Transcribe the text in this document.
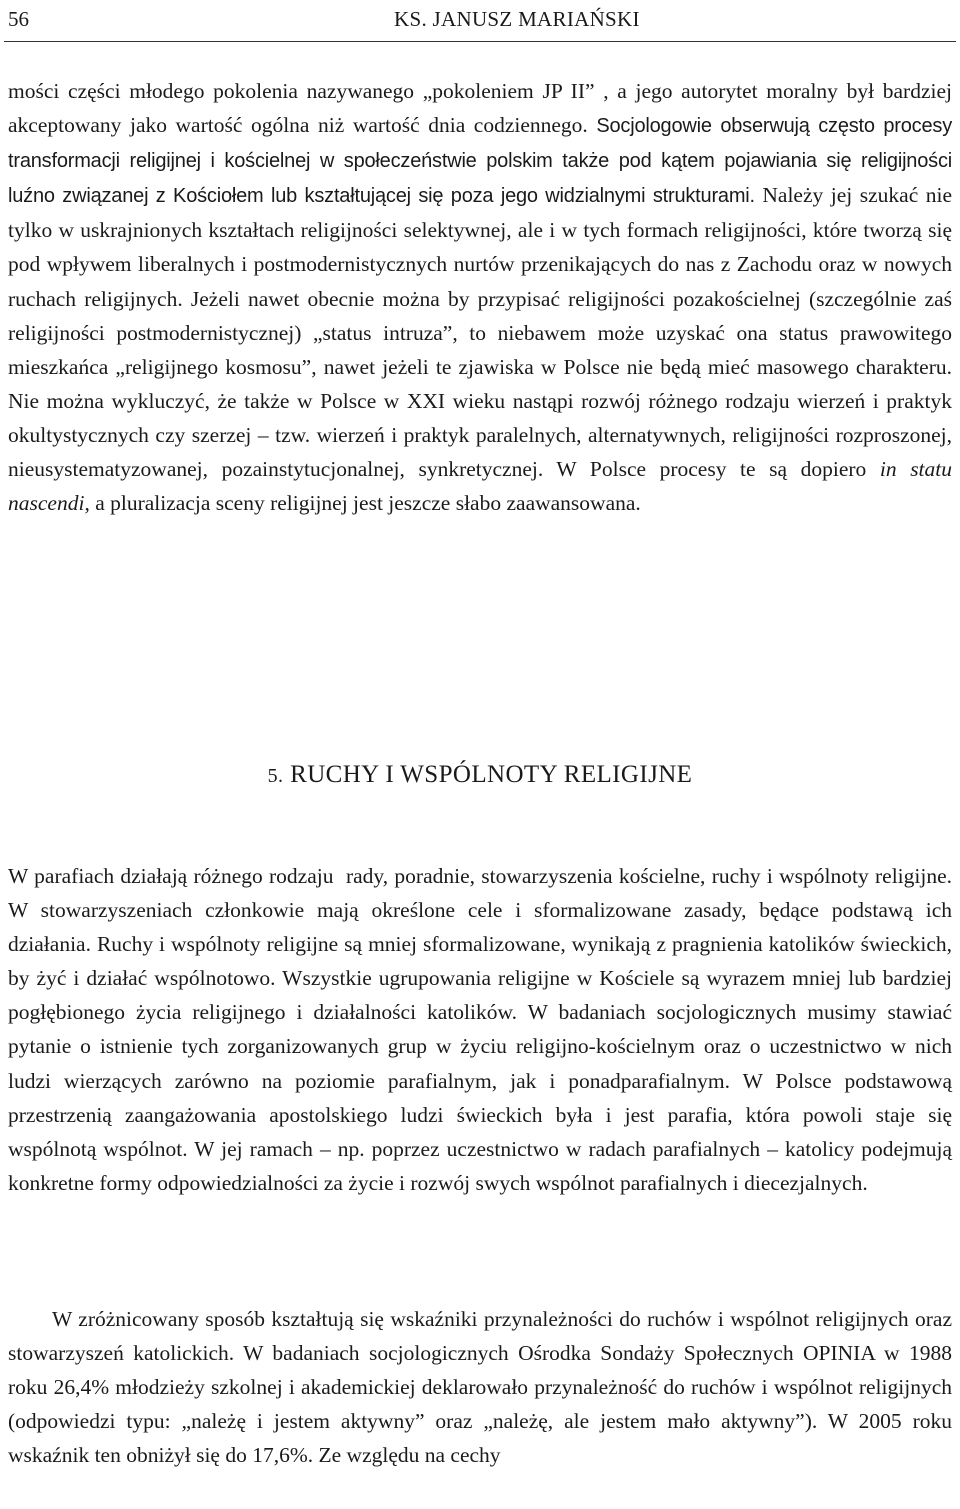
56	KS. JANUSZ MARIAŃSKI

mości części młodego pokolenia nazywanego „pokoleniem JP II” , a jego autorytet moralny był bardziej akceptowany jako wartość ogólna niż wartość dnia codziennego. Socjologowie obserwują często procesy transformacji religijnej i kościelnej w społeczeństwie polskim także pod kątem pojawiania się religijności luźno związanej z Kościołem lub kształtującej się poza jego widzialnymi strukturami. Należy jej szukać nie tylko w uskrajnionych kształtach religijności selektywnej, ale i w tych formach religijności, które tworzą się pod wpływem liberalnych i postmodernistycznych nurtów przenikających do nas z Zachodu oraz w nowych ruchach religijnych. Jeżeli nawet obecnie można by przypisać religijności pozakościelnej (szczególnie zaś religijności postmodernistycznej) „status intruza”, to niebawem może uzyskać ona status prawowitego mieszkańca „religijnego kosmosu”, nawet jeżeli te zjawiska w Polsce nie będą mieć masowego charakteru. Nie można wykluczyć, że także w Polsce w XXI wieku nastąpi rozwój różnego rodzaju wierzeń i praktyk okultystycznych czy szerzej – tzw. wierzeń i praktyk paralelnych, alternatywnych, religijności rozproszonej, nieusystematyzowanej, pozainstytucjonalnej, synkretycznej. W Polsce procesy te są dopiero in statu nascendi, a pluralizacja sceny religijnej jest jeszcze słabo zaawansowana.

5. RUCHY I WSPÓLNOTY RELIGIJNE

W parafiach działają różnego rodzaju  rady, poradnie, stowarzyszenia kościelne, ruchy i wspólnoty religijne. W stowarzyszeniach członkowie mają określone cele i sformalizowane zasady, będące podstawą ich działania. Ruchy i wspólnoty religijne są mniej sformalizowane, wynikają z pragnienia katolików świeckich, by żyć i działać wspólnotowo. Wszystkie ugrupowania religijne w Kościele są wyrazem mniej lub bardziej pogłębionego życia religijnego i działalności katolików. W badaniach socjologicznych musimy stawiać pytanie o istnienie tych zorganizowanych grup w życiu religijno-kościelnym oraz o uczestnictwo w nich ludzi wierzących zarówno na poziomie parafialnym, jak i ponadparafialnym. W Polsce podstawową przestrzenią zaangażowania apostolskiego ludzi świeckich była i jest parafia, która powoli staje się wspólnotą wspólnot. W jej ramach – np. poprzez uczestnictwo w radach parafialnych – katolicy podejmują konkretne formy odpowiedzialności za życie i rozwój swych wspólnot parafialnych i diecezjalnych.

W zróżnicowany sposób kształtują się wskaźniki przynależności do ruchów i wspólnot religijnych oraz stowarzyszeń katolickich. W badaniach socjologicznych Ośrodka Sondaży Społecznych OPINIA w 1988 roku 26,4% młodzieży szkolnej i akademickiej deklarowało przynależność do ruchów i wspólnot religijnych (odpowiedzi typu: „należę i jestem aktywny” oraz „należę, ale jestem mało aktywny”). W 2005 roku wskaźnik ten obniżył się do 17,6%. Ze względu na cechy
